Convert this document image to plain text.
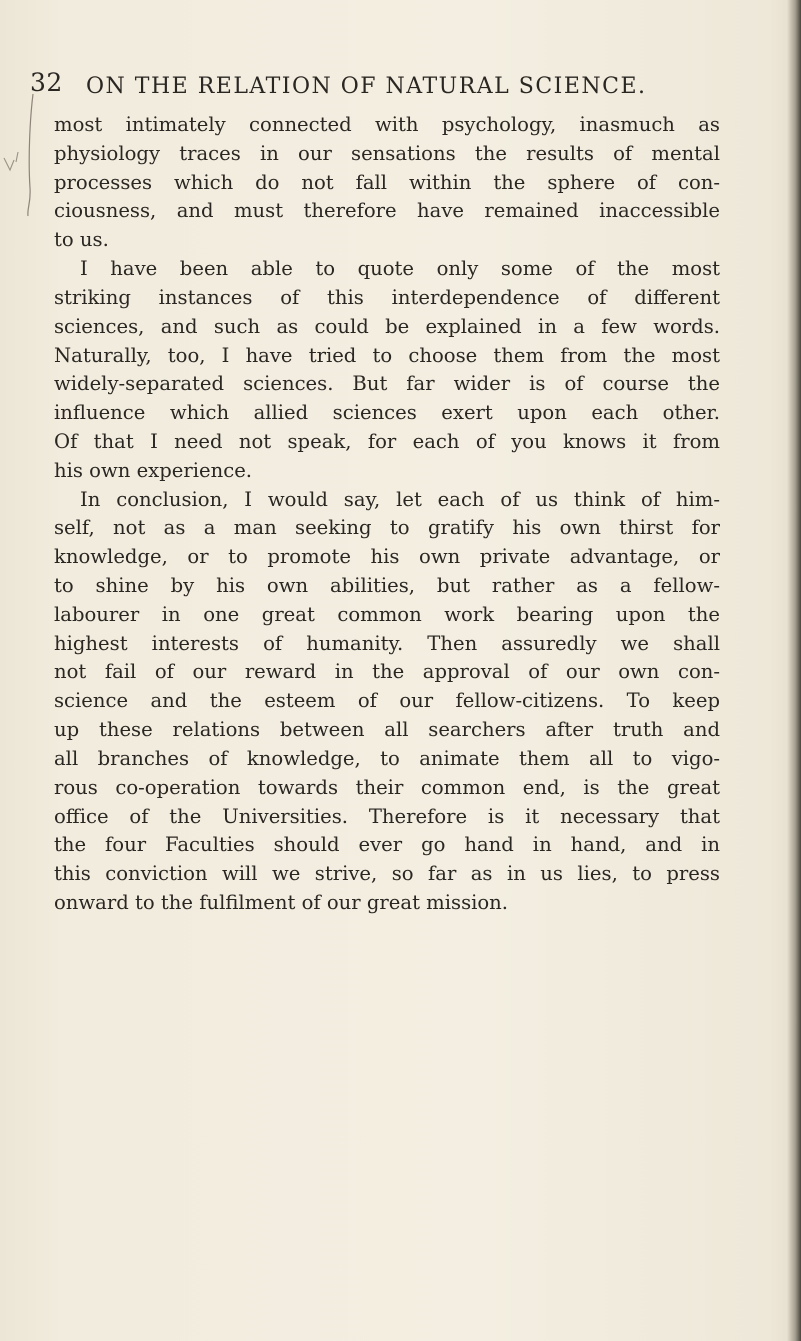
32 ON THE RELATION OF NATURAL SCIENCE.
most intimately connected with psychology, inasmuch as
physiology traces in our sensations the results of mental
processes which do not fall within the sphere of con-
ciousness, and must therefore have remained inaccessible
to us.
I have been able to quote only some of the most
striking instances of this interdependence of different
sciences, and such as could be explained in a few words.
Naturally, too, I have tried to choose them from the most
widely-separated sciences. But far wider is of course the
influence which allied sciences exert upon each other.
Of that I need not speak, for each of you knows it from
his own experience.
In conclusion, I would say, let each of us think of him-
self, not as a man seeking to gratify his own thirst for
knowledge, or to promote his own private advantage, or
to shine by his own abilities, but rather as a fellow-
labourer in one great common work bearing upon the
highest interests of humanity. Then assuredly we shall
not fail of our reward in the approval of our own con-
science and the esteem of our fellow-citizens. To keep
up these relations between all searchers after truth and
all branches of knowledge, to animate them all to vigo-
rous co-operation towards their common end, is the great
office of the Universities. Therefore is it necessary that
the four Faculties should ever go hand in hand, and in
this conviction will we strive, so far as in us lies, to press
onward to the fulfilment of our great mission.
